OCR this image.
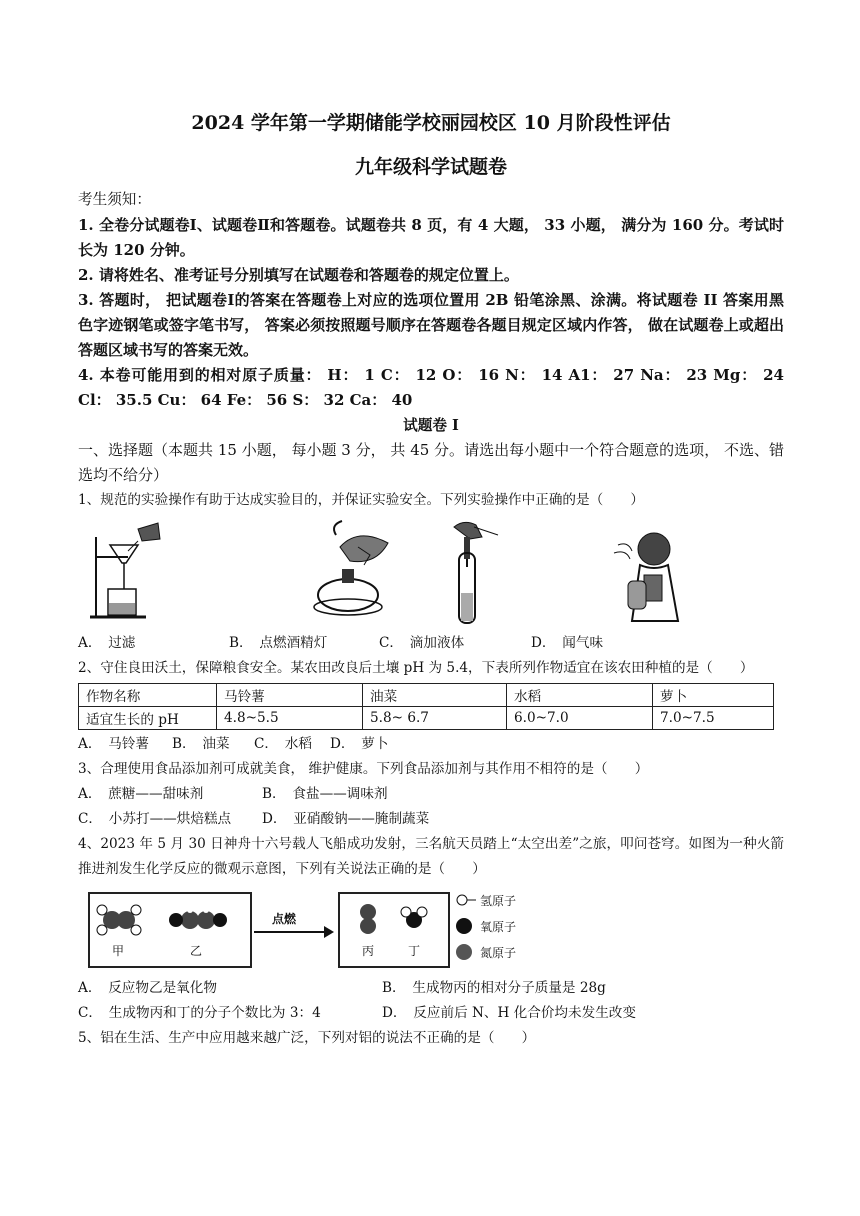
2024 学年第一学期储能学校丽园校区 10 月阶段性评估
九年级科学试题卷

考生须知：

1. 全卷分试题卷Ⅰ、试题卷Ⅱ和答题卷。试题卷共 8 页，有 4 大题， 33 小题， 满分为 160 分。考试时长为 120 分钟。

2. 请将姓名、准考证号分别填写在试题卷和答题卷的规定位置上。

3. 答题时， 把试题卷Ⅰ的答案在答题卷上对应的选项位置用 2B 铅笔涂黑、涂满。将试题卷 II 答案用黑色字迹钢笔或签字笔书写， 答案必须按照题号顺序在答题卷各题目规定区域内作答， 做在试题卷上或超出答题区域书写的答案无效。

4. 本卷可能用到的相对原子质量： H： 1 C： 12 O： 16 N： 14 A1： 27 Na： 23 Mg： 24 Cl： 35.5 Cu： 64 Fe： 56 S： 32 Ca： 40

试题卷 I

一、选择题（本题共 15 小题， 每小题 3 分， 共 45 分。请选出每小题中一个符合题意的选项， 不选、错选均不给分）

1、规范的实验操作有助于达成实验目的，并保证实验安全。下列实验操作中正确的是（　　）

A．　过滤	B．　点燃酒精灯	C．　滴加液体	D．　闻气味

2、守住良田沃土，保障粮食安全。某农田改良后土壤 pH 为 5.4，下表所列作物适宜在该农田种植的是（　　）

作物名称	马铃薯	油菜	水稻	萝卜
适宜生长的 pH	4.8~5.5	5.8~ 6.7	6.0~7.0	7.0~7.5
A．　马铃薯	B．　油菜	C．　水稻	D．　萝卜

3、合理使用食品添加剂可成就美食， 维护健康。下列食品添加剂与其作用不相符的是（　　）

A．　蔗糖——甜味剂	B．　食盐——调味剂
C．　小苏打——烘焙糕点	D．　亚硝酸钠——腌制蔬菜

4、2023 年 5 月 30 日神舟十六号载人飞船成功发射，三名航天员踏上“太空出差”之旅，叩问苍穹。如图为一种火箭推进剂发生化学反应的微观示意图，下列有关说法正确的是（　　）

甲	乙
点燃
丙	丁
氢原子
氧原子
氮原子
A．　反应物乙是氧化物	B．　生成物丙的相对分子质量是 28g
C．　生成物丙和丁的分子个数比为 3：4	D．　反应前后 N、H 化合价均未发生改变

5、铝在生活、生产中应用越来越广泛，下列对铝的说法不正确的是（　　）
